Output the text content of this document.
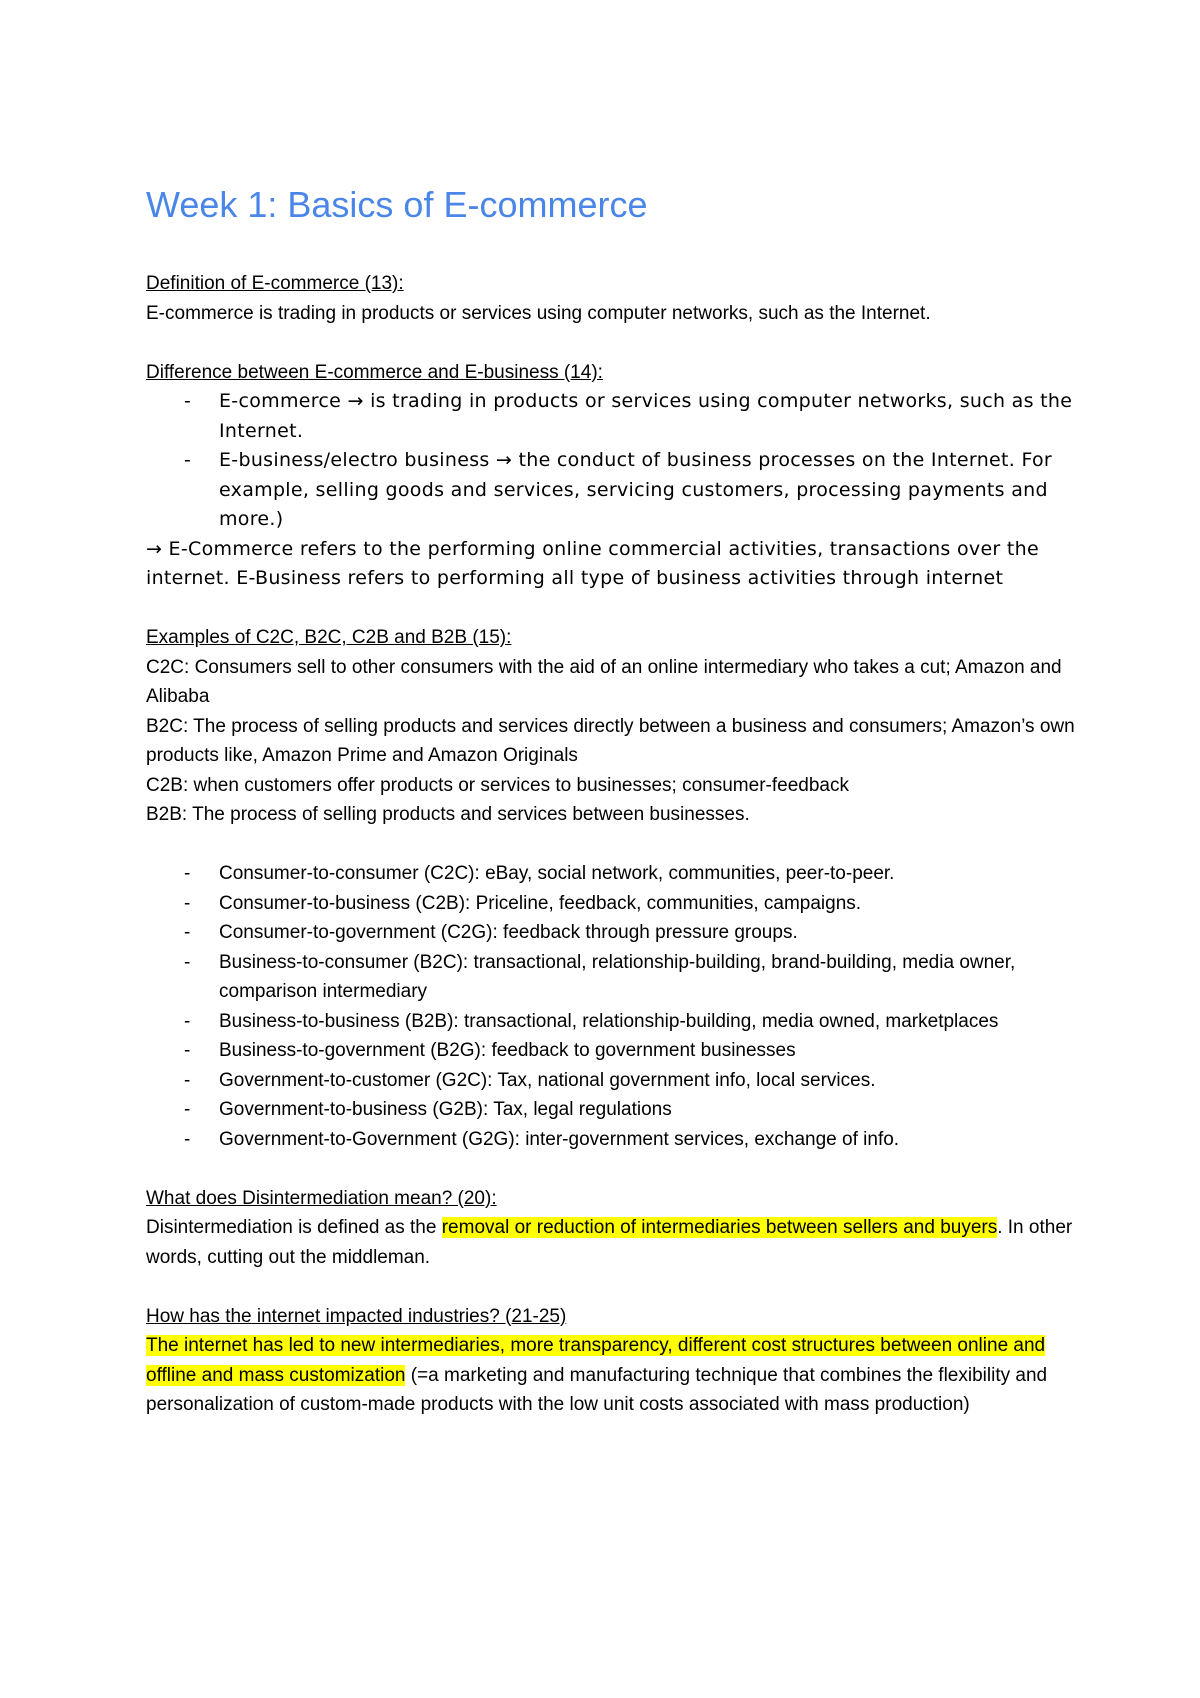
Week 1: Basics of E-commerce
Definition of E-commerce (13):
E-commerce is trading in products or services using computer networks, such as the Internet.
Difference between E-commerce and E-business (14):
- E-commerce → is trading in products or services using computer networks, such as the Internet.
- E-business/electro business → the conduct of business processes on the Internet. For example, selling goods and services, servicing customers, processing payments and more.)
→ E-Commerce refers to the performing online commercial activities, transactions over the internet. E-Business refers to performing all type of business activities through internet
Examples of C2C, B2C, C2B and B2B (15):
C2C: Consumers sell to other consumers with the aid of an online intermediary who takes a cut; Amazon and Alibaba
B2C: The process of selling products and services directly between a business and consumers; Amazon’s own products like, Amazon Prime and Amazon Originals
C2B: when customers offer products or services to businesses; consumer-feedback
B2B: The process of selling products and services between businesses.
- Consumer-to-consumer (C2C): eBay, social network, communities, peer-to-peer.
- Consumer-to-business (C2B): Priceline, feedback, communities, campaigns.
- Consumer-to-government (C2G): feedback through pressure groups.
- Business-to-consumer (B2C): transactional, relationship-building, brand-building, media owner, comparison intermediary
- Business-to-business (B2B): transactional, relationship-building, media owned, marketplaces
- Business-to-government (B2G): feedback to government businesses
- Government-to-customer (G2C): Tax, national government info, local services.
- Government-to-business (G2B): Tax, legal regulations
- Government-to-Government (G2G): inter-government services, exchange of info.
What does Disintermediation mean? (20):
Disintermediation is defined as the removal or reduction of intermediaries between sellers and buyers. In other words, cutting out the middleman.
How has the internet impacted industries? (21-25)
The internet has led to new intermediaries, more transparency, different cost structures between online and offline and mass customization (=a marketing and manufacturing technique that combines the flexibility and personalization of custom-made products with the low unit costs associated with mass production)
